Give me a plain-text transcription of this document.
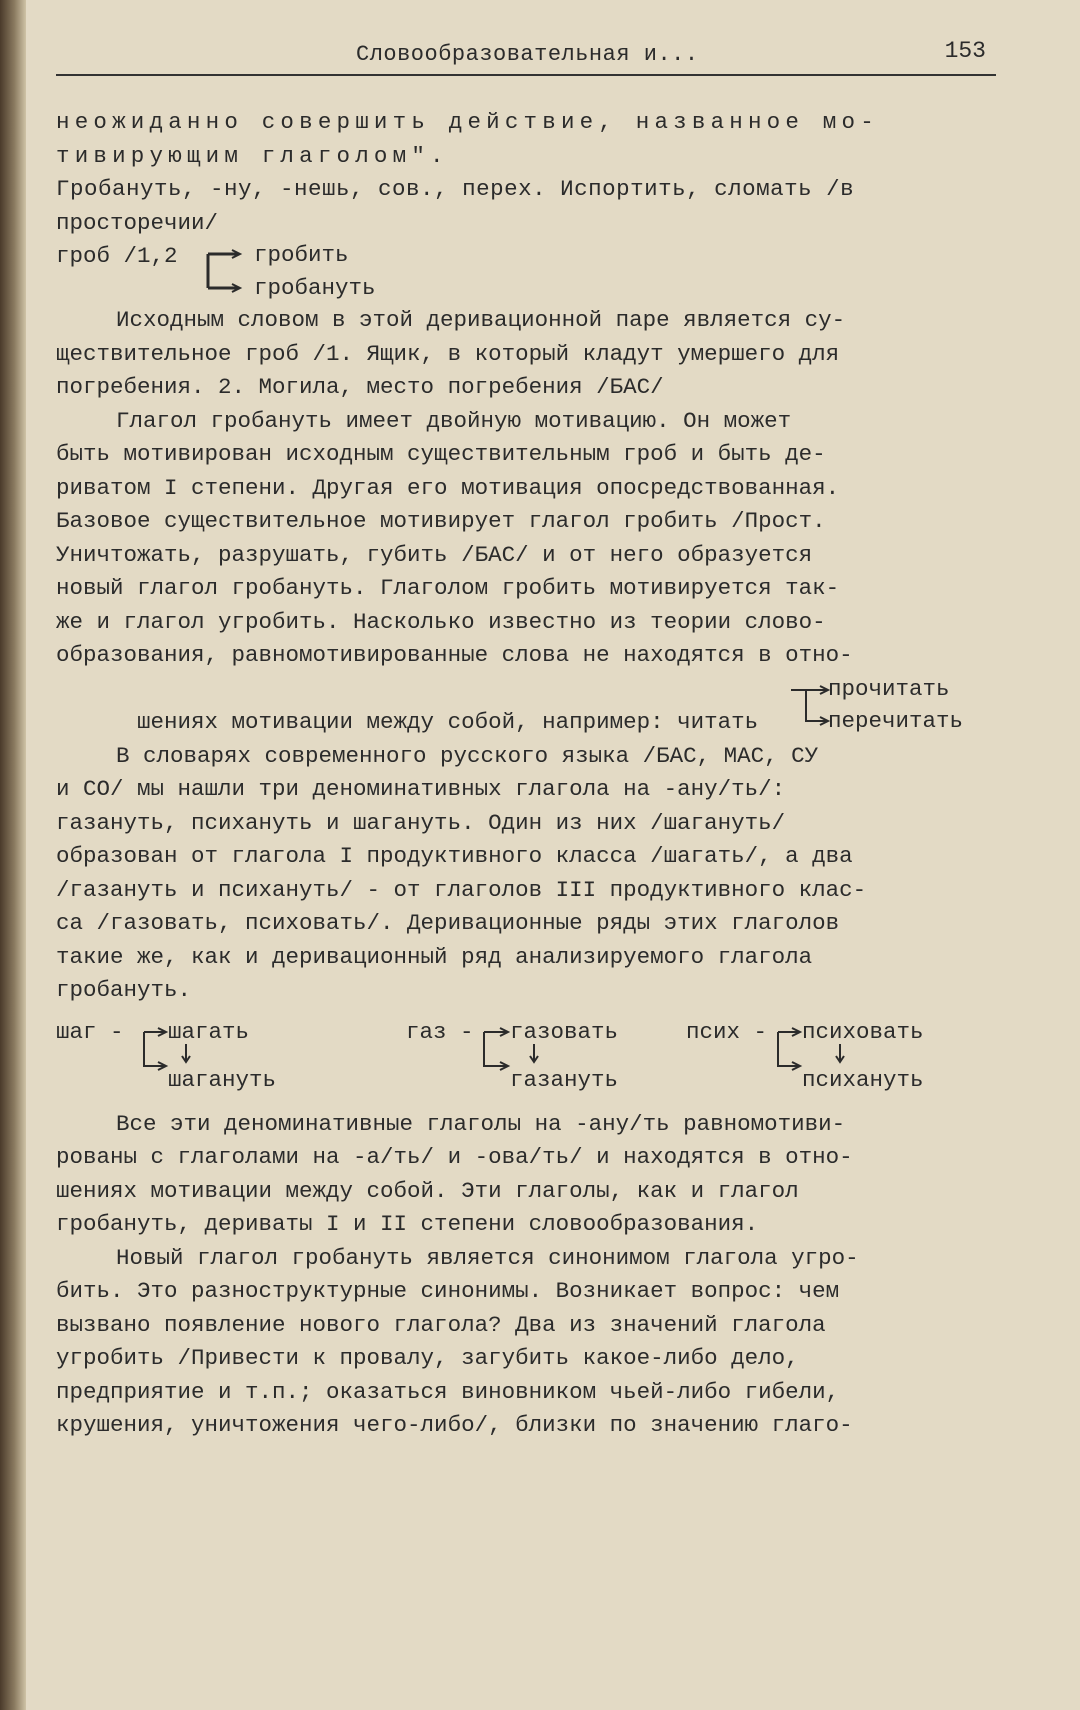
Словообразовательная и...	153
неожиданно совершить действие, названное мо-
тивирующим глаголом".
Гробануть, -ну, -нешь, сов., перех. Испортить, сломать /в
просторечии/
гроб /1,2	гробить
гробануть
Исходным словом в этой деривационной паре является су-
ществительное гроб /1. Ящик, в который кладут умершего для
погребения. 2. Могила, место погребения /БАС/
Глагол гробануть имеет двойную мотивацию. Он может
быть мотивирован исходным существительным гроб и быть де-
риватом I степени. Другая его мотивация опосредствованная.
Базовое существительное мотивирует глагол гробить /Прост.
Уничтожать, разрушать, губить /БАС/ и от него образуется
новый глагол гробануть. Глаголом гробить мотивируется так-
же и глагол угробить. Насколько известно из теории слово-
образования, равномотивированные слова не находятся в отно-

шениях мотивации между собой, например: читать

прочитать

перечитать

В словарях современного русского языка /БАС, МАС, СУ
и СО/ мы нашли три деноминативных глагола на -ану/ть/:
газануть, психануть и шагануть. Один из них /шагануть/
образован от глагола I продуктивного класса /шагать/, а два
/газануть и психануть/ - от глаголов III продуктивного клас-
са /газовать, психовать/. Деривационные ряды этих глаголов
такие же, как и деривационный ряд анализируемого глагола
гробануть.
шаг - шагать
шагануть
газ - газовать
газануть
псих - психовать
психануть
Все эти деноминативные глаголы на -ану/ть равномотиви-
рованы с глаголами на -а/ть/ и -ова/ть/ и находятся в отно-
шениях мотивации между собой. Эти глаголы, как и глагол
гробануть, дериваты I и II степени словообразования.
Новый глагол гробануть является синонимом глагола угро-
бить. Это разноструктурные синонимы. Возникает вопрос: чем
вызвано появление нового глагола? Два из значений глагола
угробить /Привести к провалу, загубить какое-либо дело,
предприятие и т.п.; оказаться виновником чьей-либо гибели,
крушения, уничтожения чего-либо/, близки по значению глаго-
